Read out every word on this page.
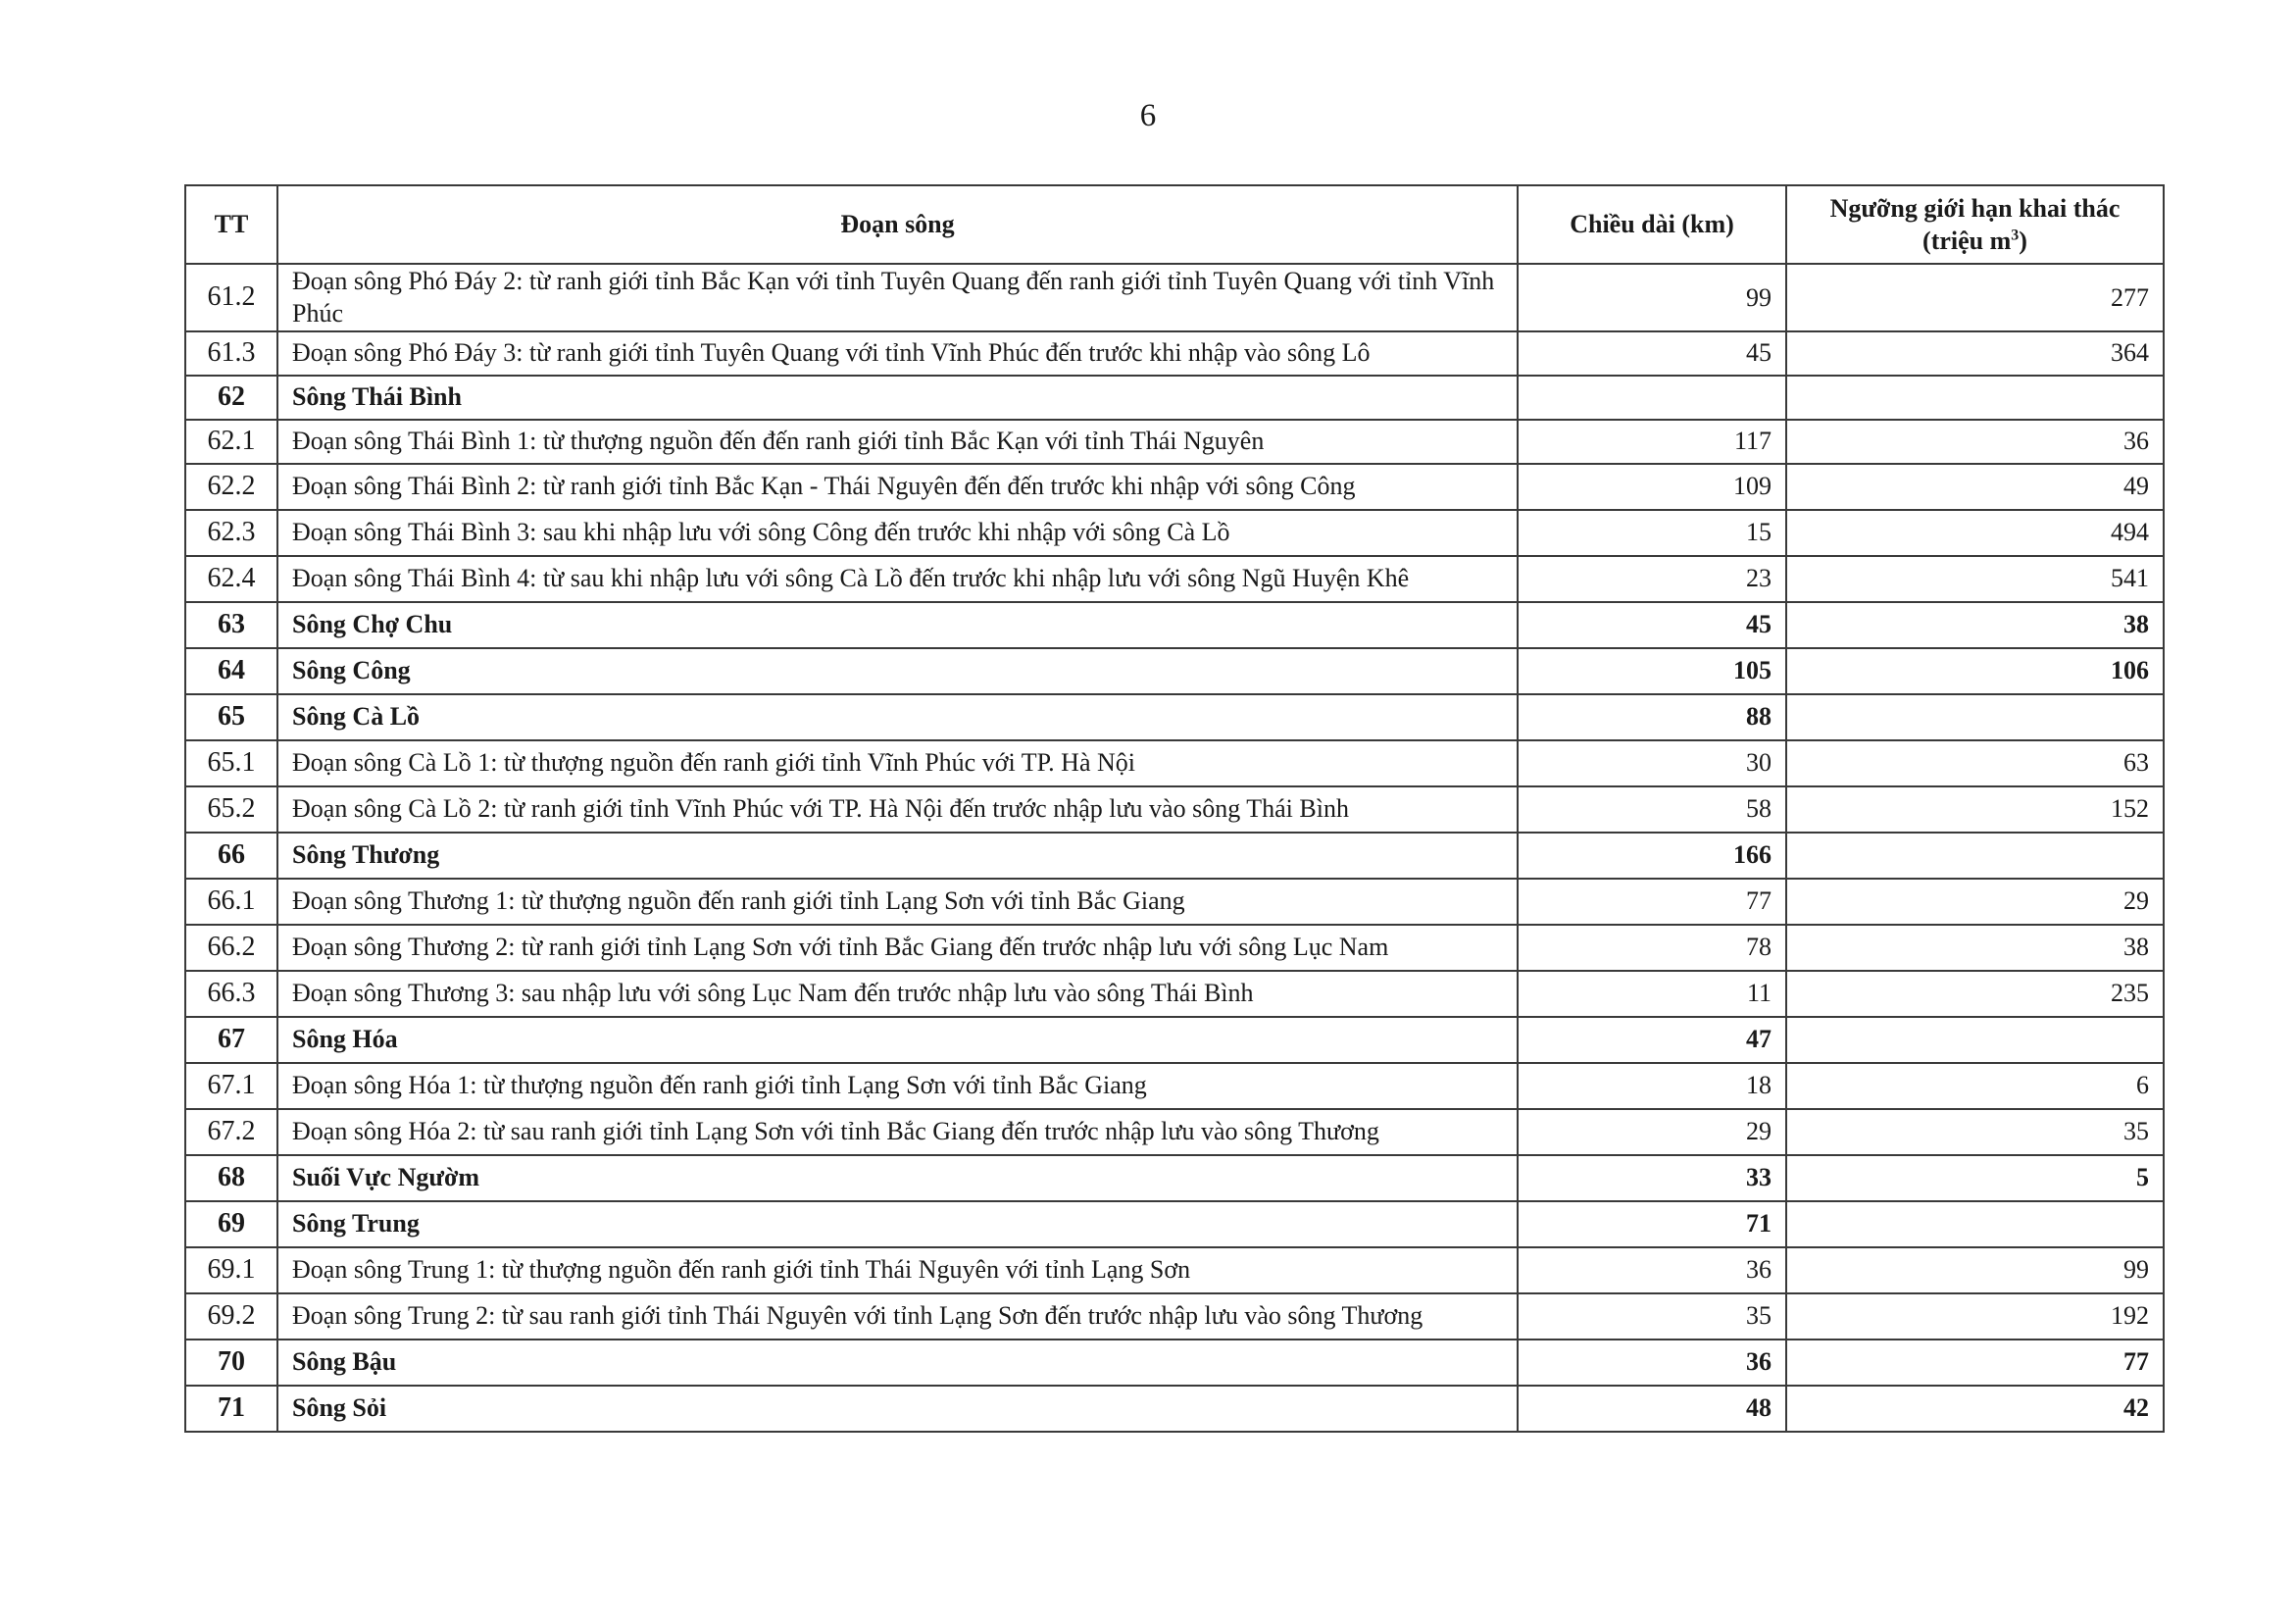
6
TT	Đoạn sông	Chiều dài (km)	Ngưỡng giới hạn khai thác
(triệu $m^3$)
61.2	Đoạn sông Phó Đáy 2: từ ranh giới tỉnh Bắc Kạn với tỉnh Tuyên Quang đến ranh giới tỉnh Tuyên Quang với tỉnh Vĩnh Phúc	99	277
61.3	Đoạn sông Phó Đáy 3: từ ranh giới tỉnh Tuyên Quang với tỉnh Vĩnh Phúc đến trước khi nhập vào sông Lô	45	364
62	Sông Thái Bình		
62.1	Đoạn sông Thái Bình 1: từ thượng nguồn đến đến ranh giới tỉnh Bắc Kạn với tỉnh Thái Nguyên	117	36
62.2	Đoạn sông Thái Bình 2: từ ranh giới tỉnh Bắc Kạn - Thái Nguyên đến đến trước khi nhập với sông Công	109	49
62.3	Đoạn sông Thái Bình 3: sau khi nhập lưu với sông Công đến trước khi nhập với sông Cà Lồ	15	494
62.4	Đoạn sông Thái Bình 4: từ sau khi nhập lưu với sông Cà Lồ đến trước khi nhập lưu với sông Ngũ Huyện Khê	23	541
63	Sông Chợ Chu	45	38
64	Sông Công	105	106
65	Sông Cà Lồ	88	
65.1	Đoạn sông Cà Lồ 1: từ thượng nguồn đến ranh giới tỉnh Vĩnh Phúc với TP. Hà Nội	30	63
65.2	Đoạn sông Cà Lồ 2: từ ranh giới tỉnh Vĩnh Phúc với TP. Hà Nội đến trước nhập lưu vào sông Thái Bình	58	152
66	Sông Thương	166	
66.1	Đoạn sông Thương 1: từ thượng nguồn đến ranh giới tỉnh Lạng Sơn với tỉnh Bắc Giang	77	29
66.2	Đoạn sông Thương 2: từ ranh giới tỉnh Lạng Sơn với tỉnh Bắc Giang đến trước nhập lưu với sông Lục Nam	78	38
66.3	Đoạn sông Thương 3: sau nhập lưu với sông Lục Nam đến trước nhập lưu vào sông Thái Bình	11	235
67	Sông Hóa	47	
67.1	Đoạn sông Hóa 1: từ thượng nguồn đến ranh giới tỉnh Lạng Sơn với tỉnh Bắc Giang	18	6
67.2	Đoạn sông Hóa 2: từ sau ranh giới tỉnh Lạng Sơn với tỉnh Bắc Giang đến trước nhập lưu vào sông Thương	29	35
68	Suối Vực Ngườm	33	5
69	Sông Trung	71	
69.1	Đoạn sông Trung 1: từ thượng nguồn đến ranh giới tỉnh Thái Nguyên với tỉnh Lạng Sơn	36	99
69.2	Đoạn sông Trung 2: từ sau ranh giới tỉnh Thái Nguyên với tỉnh Lạng Sơn đến trước nhập lưu vào sông Thương	35	192
70	Sông Bậu	36	77
71	Sông Sỏi	48	42
